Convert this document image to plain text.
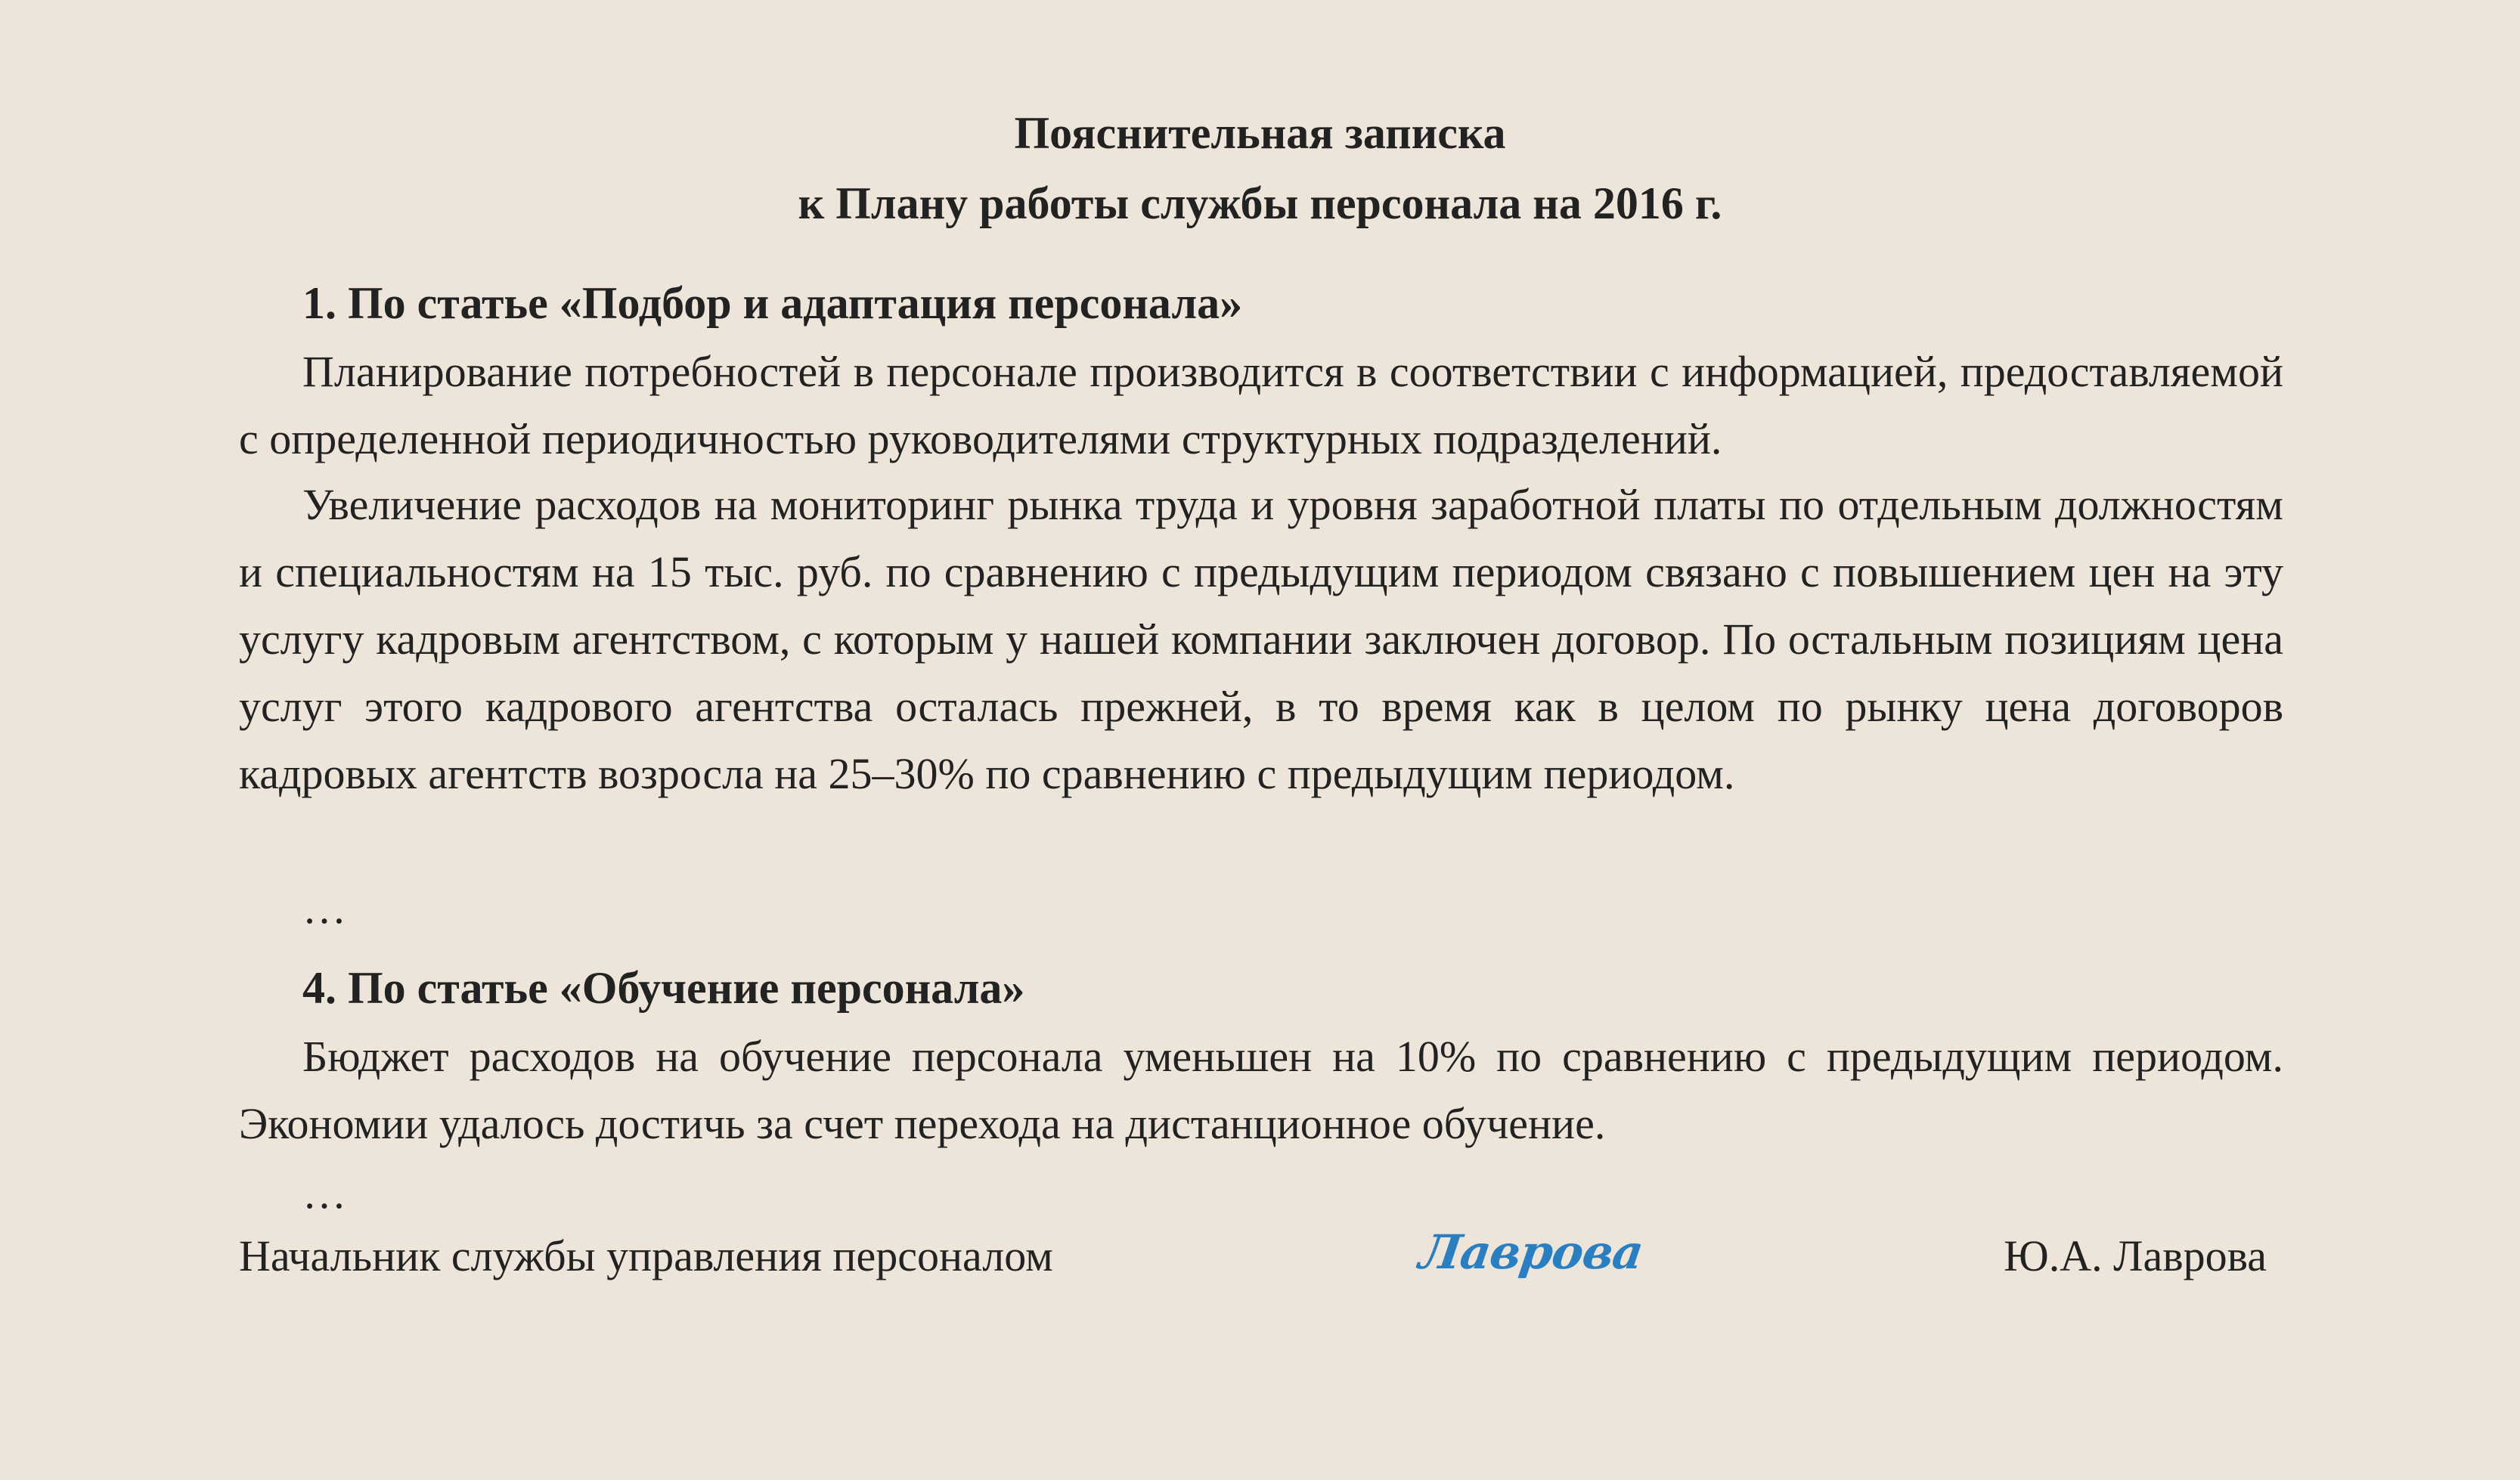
Пояснительная записка
к Плану работы службы персонала на 2016 г.
1. По статье «Подбор и адаптация персонала»

Планирование потребностей в персонале производится в соответствии с информацией, предоставляемой с определенной периодичностью руководителями структурных подразделений.

Увеличение расходов на мониторинг рынка труда и уровня заработной платы по отдельным должностям и специальностям на 15 тыс. руб. по сравнению с предыдущим периодом связано с повышением цен на эту услугу кадровым агентством, с которым у нашей компании заключен договор. По остальным позициям цена услуг этого кадрового агентства осталась прежней, в то время как в целом по рынку цена договоров кадровых агентств возросла на 25–30% по сравнению с предыдущим периодом.

…
4. По статье «Обучение персонала»

Бюджет расходов на обучение персонала уменьшен на 10% по сравнению с предыдущим периодом. Экономии удалось достичь за счет перехода на дистанционное обучение.

…
Начальник службы управления персоналом	Лаврова	Ю.А. Лаврова
